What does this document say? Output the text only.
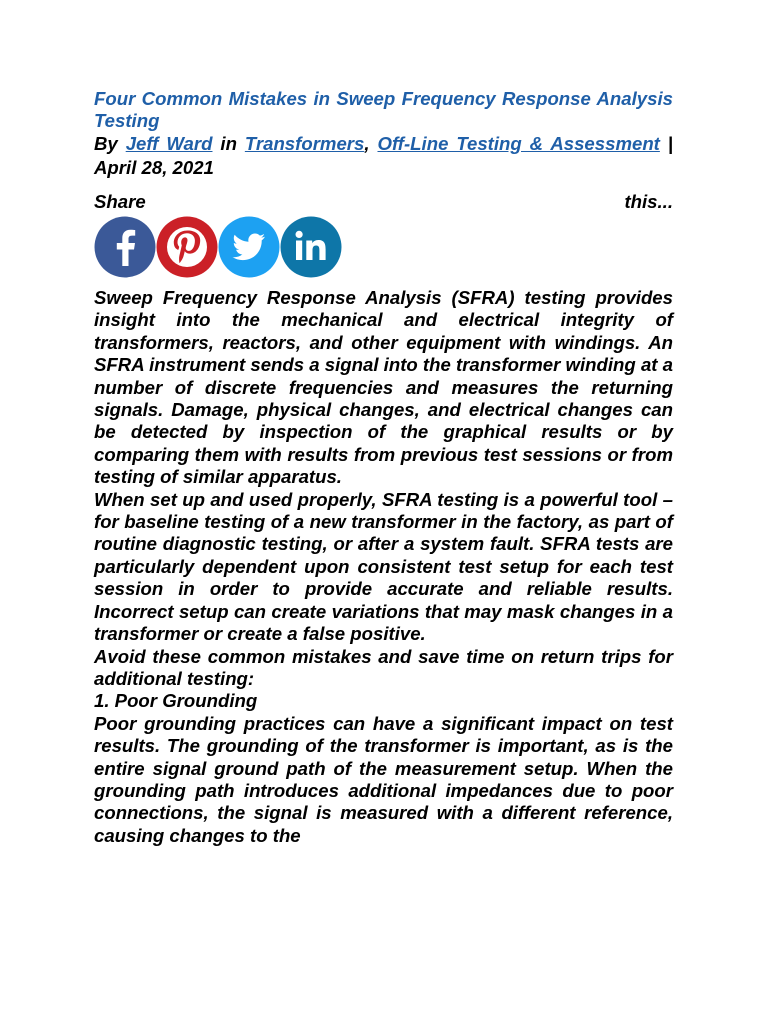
Four Common Mistakes in Sweep Frequency Response Analysis Testing
By Jeff Ward in Transformers, Off-Line Testing & Assessment | April 28, 2021
Share	this...

Sweep Frequency Response Analysis (SFRA) testing provides insight into the mechanical and electrical integrity of transformers, reactors, and other equipment with windings. An SFRA instrument sends a signal into the transformer winding at a number of discrete frequencies and measures the returning signals. Damage, physical changes, and electrical changes can be detected by inspection of the graphical results or by comparing them with results from previous test sessions or from testing of similar apparatus.

When set up and used properly, SFRA testing is a powerful tool – for baseline testing of a new transformer in the factory, as part of routine diagnostic testing, or after a system fault. SFRA tests are particularly dependent upon consistent test setup for each test session in order to provide accurate and reliable results. Incorrect setup can create variations that may mask changes in a transformer or create a false positive.

Avoid these common mistakes and save time on return trips for additional testing:

1. Poor Grounding

Poor grounding practices can have a significant impact on test results. The grounding of the transformer is important, as is the entire signal ground path of the measurement setup. When the grounding path introduces additional impedances due to poor connections, the signal is measured with a different reference, causing changes to the
